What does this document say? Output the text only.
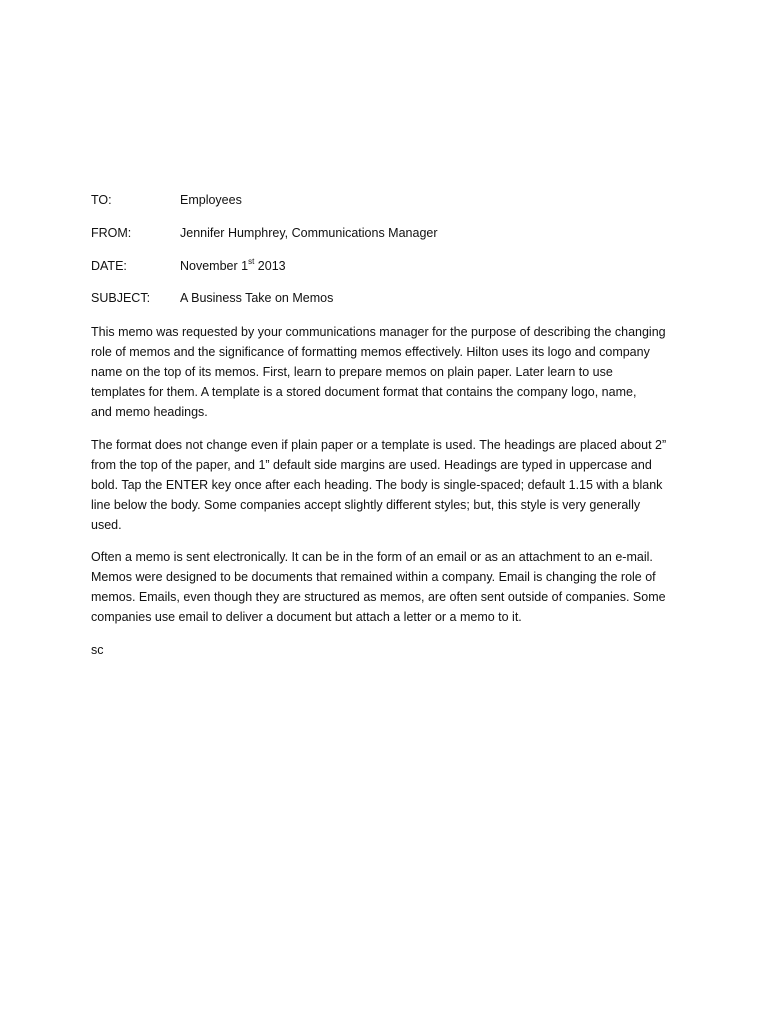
TO:	Employees
FROM:	Jennifer Humphrey, Communications Manager
DATE:	November 1st 2013
SUBJECT: A Business Take on Memos
This memo was requested by your communications manager for the purpose of describing the changing
role of memos and the significance of formatting memos effectively. Hilton uses its logo and company
name on the top of its memos. First, learn to prepare memos on plain paper. Later learn to use
templates for them. A template is a stored document format that contains the company logo, name,
and memo headings.
The format does not change even if plain paper or a template is used. The headings are placed about 2”
from the top of the paper, and 1” default side margins are used. Headings are typed in uppercase and
bold. Tap the ENTER key once after each heading. The body is single-spaced; default 1.15 with a blank
line below the body. Some companies accept slightly different styles; but, this style is very generally
used.
Often a memo is sent electronically. It can be in the form of an email or as an attachment to an e-mail.
Memos were designed to be documents that remained within a company. Email is changing the role of
memos. Emails, even though they are structured as memos, are often sent outside of companies. Some
companies use email to deliver a document but attach a letter or a memo to it.
sc
